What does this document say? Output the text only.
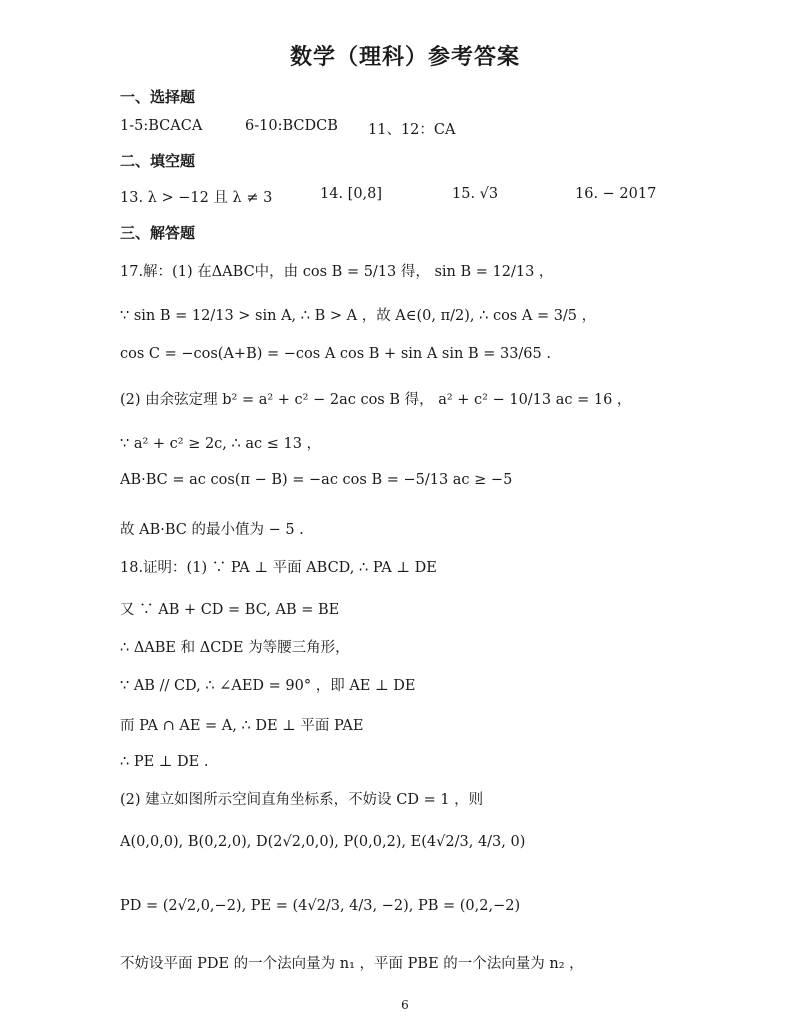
数学（理科）参考答案
一、选择题
1-5:BCACA	6-10:BCDCB 11、12：CA
二、填空题
13. λ > −12 且 λ ≠ 3	14. [0,8]	15. √3	16. − 2017
三、解答题
17.解：(1) 在ΔABC中，由 cos B = 5/13 得， sin B = 12/13 ，
∵ sin B = 12/13 > sin A, ∴ B > A ，故 A∈(0, π/2), ∴ cos A = 3/5 ，
cos C = −cos(A+B) = −cos A cos B + sin A sin B = 33/65 .
(2) 由余弦定理 b² = a² + c² − 2ac cos B 得， a² + c² − 10/13 ac = 16 ，
∵ a² + c² ≥ 2c, ∴ ac ≤ 13 ，
AB·BC = ac cos(π − B) = −ac cos B = −5/13 ac ≥ −5
故 AB·BC 的最小值为 − 5 .
18.证明：(1) ∵ PA ⊥ 平面 ABCD, ∴ PA ⊥ DE
又 ∵ AB + CD = BC, AB = BE
∴ ΔABE 和 ΔCDE 为等腰三角形，
∵ AB // CD, ∴ ∠AED = 90° ，即 AE ⊥ DE
而 PA ∩ AE = A, ∴ DE ⊥ 平面 PAE
∴ PE ⊥ DE .
(2) 建立如图所示空间直角坐标系，不妨设 CD = 1 ，则
A(0,0,0), B(0,2,0), D(2√2,0,0), P(0,0,2), E(4√2/3, 4/3, 0)
PD = (2√2,0,−2), PE = (4√2/3, 4/3, −2), PB = (0,2,−2)
不妨设平面 PDE 的一个法向量为 n₁ ，平面 PBE 的一个法向量为 n₂ ，
6
